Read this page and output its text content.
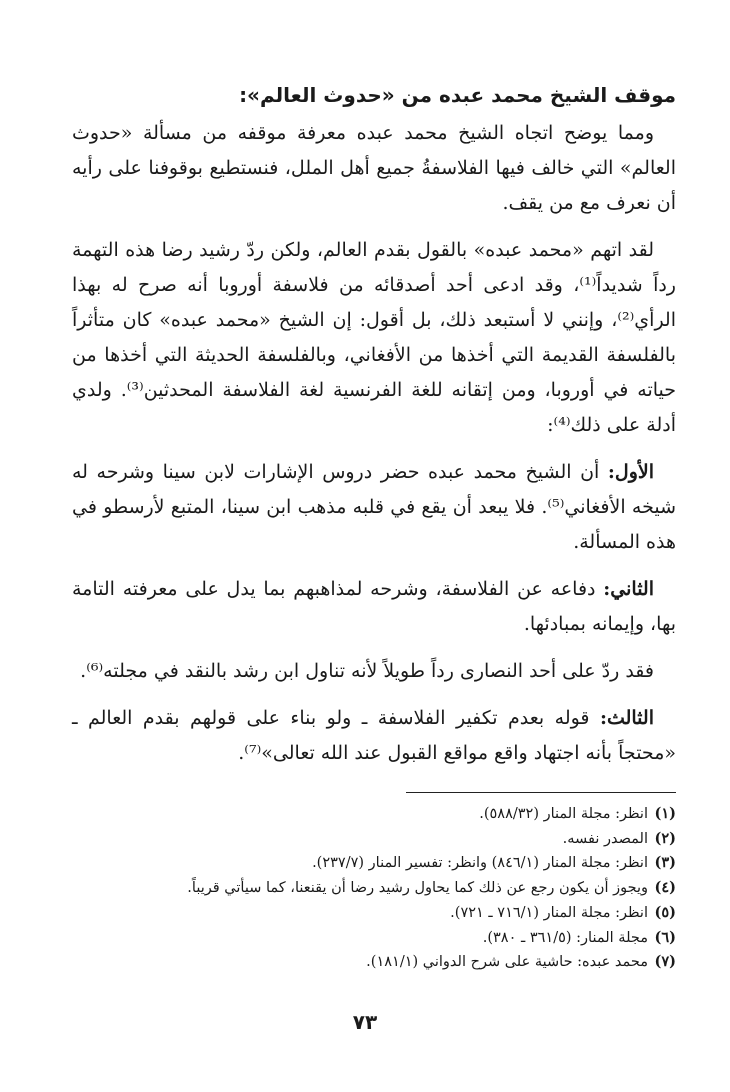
موقف الشيخ محمد عبده من «حدوث العالم»:

ومما يوضح اتجاه الشيخ محمد عبده معرفة موقفه من مسألة «حدوث العالم» التي خالف فيها الفلاسفةُ جميع أهل الملل، فنستطيع بوقوفنا على رأيه أن نعرف مع من يقف.

لقد اتهم «محمد عبده» بالقول بقدم العالم، ولكن ردّ رشيد رضا هذه التهمة رداً شديداً⁽¹⁾، وقد ادعى أحد أصدقائه من فلاسفة أوروبا أنه صرح له بهذا الرأي⁽²⁾، وإنني لا أستبعد ذلك، بل أقول: إن الشيخ «محمد عبده» كان متأثراً بالفلسفة القديمة التي أخذها من الأفغاني، وبالفلسفة الحديثة التي أخذها من حياته في أوروبا، ومن إتقانه للغة الفرنسية لغة الفلاسفة المحدثين⁽³⁾. ولدي أدلة على ذلك⁽⁴⁾:

الأول: أن الشيخ محمد عبده حضر دروس الإشارات لابن سينا وشرحه له شيخه الأفغاني⁽⁵⁾. فلا يبعد أن يقع في قلبه مذهب ابن سينا، المتبع لأرسطو في هذه المسألة.

الثاني: دفاعه عن الفلاسفة، وشرحه لمذاهبهم بما يدل على معرفته التامة بها، وإيمانه بمبادئها.

فقد ردّ على أحد النصارى رداً طويلاً لأنه تناول ابن رشد بالنقد في مجلته⁽⁶⁾.

الثالث: قوله بعدم تكفير الفلاسفة ـ ولو بناء على قولهم بقدم العالم ـ «محتجاً بأنه اجتهاد واقع مواقع القبول عند الله تعالى»⁽⁷⁾.

(١)انظر: مجلة المنار (٥٨٨/٣٢).
(٢)المصدر نفسه.
(٣)انظر: مجلة المنار (٨٤٦/١) وانظر: تفسير المنار (٢٣٧/٧).
(٤)ويجوز أن يكون رجع عن ذلك كما يحاول رشيد رضا أن يقنعنا، كما سيأتي قريباً.
(٥)انظر: مجلة المنار (٧١٦/١ ـ ٧٢١).
(٦)مجلة المنار: (٣٦١/٥ ـ ٣٨٠).
(٧)محمد عبده: حاشية على شرح الدواني (١٨١/١).
٧٣
